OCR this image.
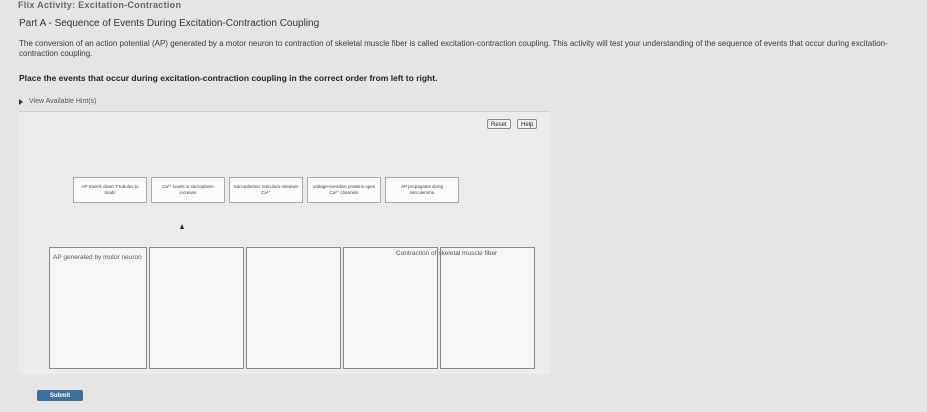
Flix Activity: Excitation-Contraction
Part A - Sequence of Events During Excitation-Contraction Coupling
The conversion of an action potential (AP) generated by a motor neuron to contraction of skeletal muscle fiber is called excitation-contraction coupling. This activity will test your understanding of the sequence of events that occur during excitation-contraction coupling.
Place the events that occur during excitation-contraction coupling in the correct order from left to right.
View Available Hint(s)
Reset	Help
AP travels down T tubules to triads
Ca²⁺ levels in sarcoplasm increase
Sarcoplasmic reticulum releases Ca²⁺
Voltage-sensitive proteins open Ca²⁺ channels
AP propagates along sarcolemma
AP generated by motor neuron
Contraction of skeletal muscle fiber
Submit
